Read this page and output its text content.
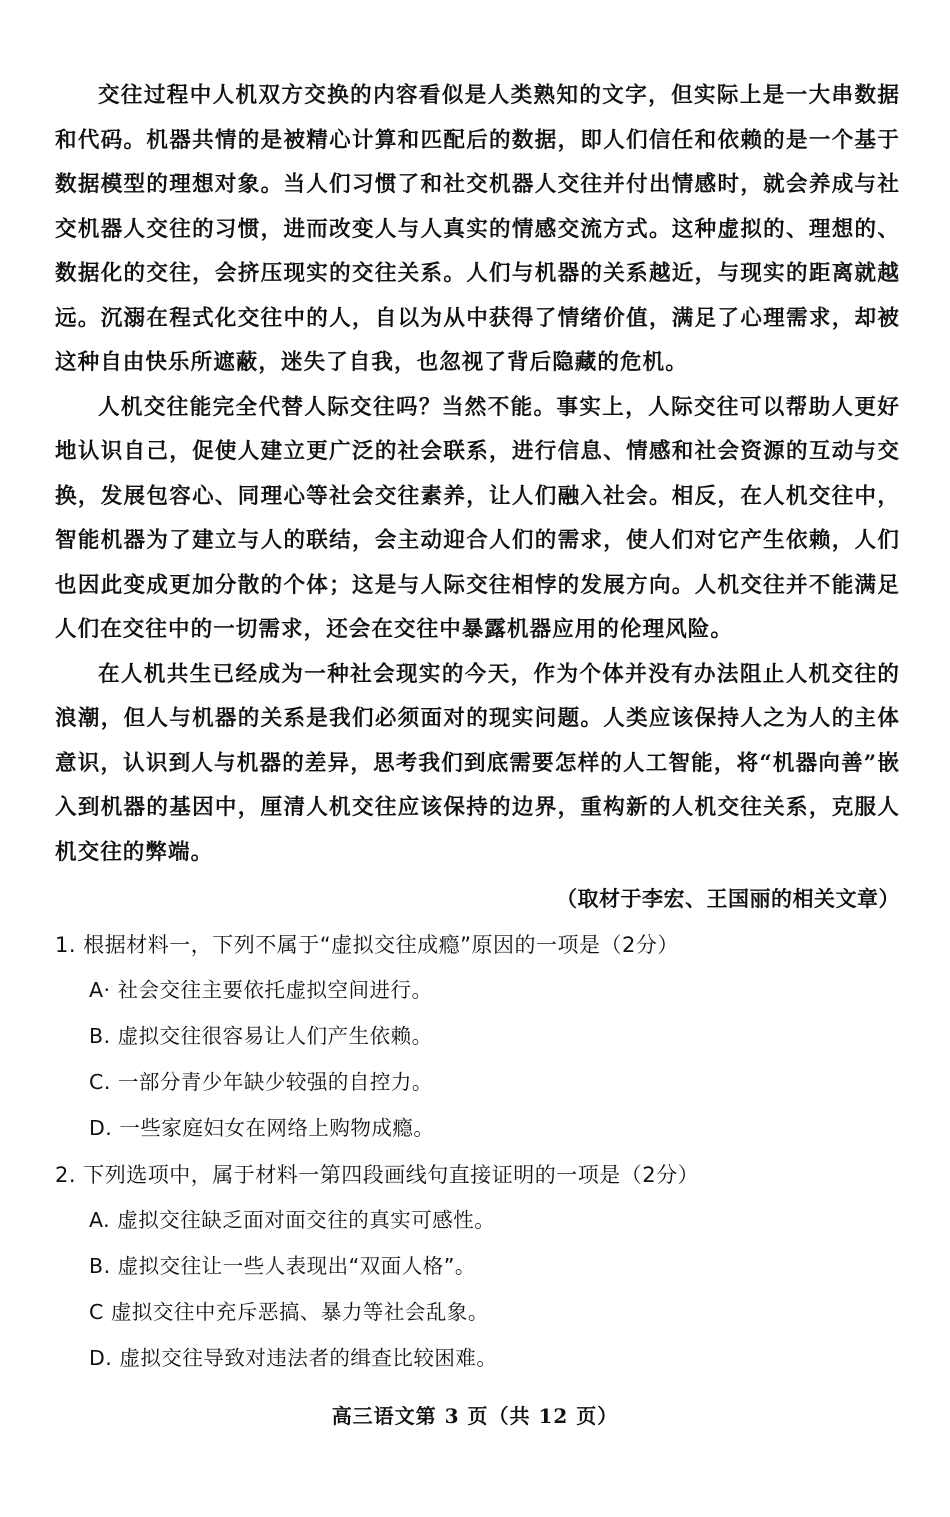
交往过程中人机双方交换的内容看似是人类熟知的文字，但实际上是一大串数据和代码。机器共情的是被精心计算和匹配后的数据，即人们信任和依赖的是一个基于数据模型的理想对象。当人们习惯了和社交机器人交往并付出情感时，就会养成与社交机器人交往的习惯，进而改变人与人真实的情感交流方式。这种虚拟的、理想的、数据化的交往，会挤压现实的交往关系。人们与机器的关系越近，与现实的距离就越远。沉溺在程式化交往中的人，自以为从中获得了情绪价值，满足了心理需求，却被这种自由快乐所遮蔽，迷失了自我，也忽视了背后隐藏的危机。

人机交往能完全代替人际交往吗？当然不能。事实上，人际交往可以帮助人更好地认识自己，促使人建立更广泛的社会联系，进行信息、情感和社会资源的互动与交换，发展包容心、同理心等社会交往素养，让人们融入社会。相反，在人机交往中，智能机器为了建立与人的联结，会主动迎合人们的需求，使人们对它产生依赖，人们也因此变成更加分散的个体；这是与人际交往相悖的发展方向。人机交往并不能满足人们在交往中的一切需求，还会在交往中暴露机器应用的伦理风险。

在人机共生已经成为一种社会现实的今天，作为个体并没有办法阻止人机交往的浪潮，但人与机器的关系是我们必须面对的现实问题。人类应该保持人之为人的主体意识，认识到人与机器的差异，思考我们到底需要怎样的人工智能，将“机器向善”嵌入到机器的基因中，厘清人机交往应该保持的边界，重构新的人机交往关系，克服人机交往的弊端。

（取材于李宏、王国丽的相关文章）

1. 根据材料一，下列不属于“虚拟交往成瘾”原因的一项是（2分）

A· 社会交往主要依托虚拟空间进行。
B. 虚拟交往很容易让人们产生依赖。
C. 一部分青少年缺少较强的自控力。
D. 一些家庭妇女在网络上购物成瘾。

2. 下列选项中，属于材料一第四段画线句直接证明的一项是（2分）

A. 虚拟交往缺乏面对面交往的真实可感性。
B. 虚拟交往让一些人表现出“双面人格”。
C 虚拟交往中充斥恶搞、暴力等社会乱象。
D. 虚拟交往导致对违法者的缉查比较困难。
高三语文第 3 页（共 12 页）
